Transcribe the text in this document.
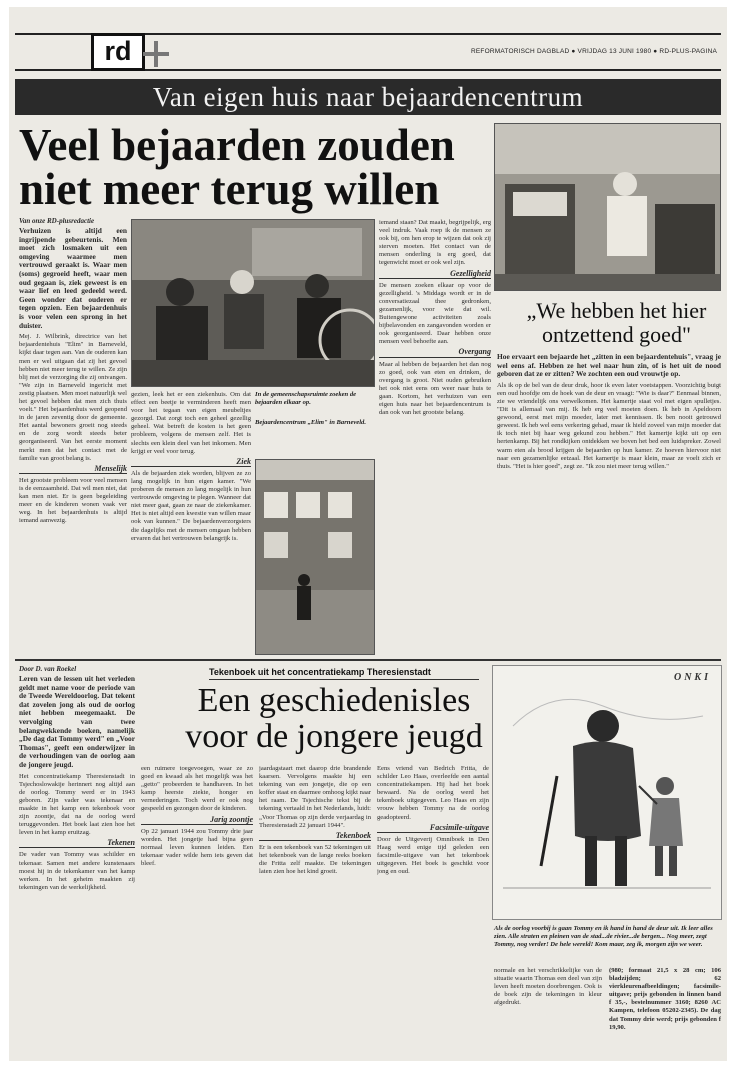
rd	REFORMATORISCH DAGBLAD ● VRIJDAG 13 JUNI 1980 ● RD-PLUS-PAGINA
Van eigen huis naar bejaardencentrum
Veel bejaarden zouden
niet meer terug willen
Van onze RD-plusredactie

Verhuizen is altijd een ingrijpende gebeurtenis. Men moet zich losmaken uit een omgeving waarmee men vertrouwd geraakt is. Waar men (soms) gegroeid heeft, waar men oud gegaan is, ziek geweest is en waar lief en leed gedeeld werd. Geen wonder dat ouderen er tegen opzien. Een bejaardenhuis is voor velen een sprong in het duister.

Mej. J. Wilbrink, directrice van het bejaardentehuis "Elim" in Barneveld, kijkt daar tegen aan. Van de ouderen kan men er wel uitgaan dat zij het gevoel hebben niet meer terug te willen. Ze zijn blij met de verzorging die zij ontvangen. "We zijn in Barneveld ingericht met zestig plaatsen. Men moet natuurlijk wel het gevoel hebben dat men zich thuis voelt." Het bejaardenhuis werd geopend in de jaren zeventig door de gemeente. Het aantal bewoners groeit nog steeds en de zorg wordt steeds beter georganiseerd. Van het eerste moment merkt men dat het contact met de familie van groot belang is.

Menselijk

Het grootste probleem voor veel mensen is de eenzaamheid. Dat wil men niet, dat kan men niet. Er is geen begeleiding meer en de kinderen wonen vaak ver weg. In het bejaardenhuis is altijd iemand aanwezig.

gezien, leek het er een ziekenhuis. Om dat effect een beetje te verminderen heeft men voor het tegaan van eigen meubeltjes gezorgd. Dat zorgt toch een geheel gezellig geheel. Wat betreft de kosten is het geen probleem, volgens de mensen zelf. Het is slechts een klein deel van het inkomen. Men krijgt er veel voor terug.

Ziek

Als de bejaarden ziek worden, blijven ze zo lang mogelijk in hun eigen kamer. "We proberen de mensen zo lang mogelijk in hun vertrouwde omgeving te plegen. Wanneer dat niet meer gaat, gaan ze naar de ziekenkamer. Het is niet altijd een kwestie van willen maar ook van kunnen." De bejaardenverzorgsters die dagelijks met de mensen omgaan hebben ervaren dat het vertrouwen belangrijk is.

In de gemeenschapsruimte zoeken de bejaarden elkaar op.
Bejaardencentrum „Elim" in Barneveld.

iemand staan? Dat maakt, begrijpelijk, erg veel indruk. Vaak roep ik de mensen ze ook bij, om hen erop te wijzen dat ook zij sterven moeten. Het contact van de mensen onderling is erg goed, dat tegenwicht moet er ook wel zijn.

Gezelligheid

De mensen zoeken elkaar op voor de gezelligheid. 's Middags wordt er in de conversatiezaal thee gedronken, gezamenlijk, voor wie dat wil. Buitengewone activiteiten zoals bijbelavonden en zangavonden worden er ook georganiseerd. Daar hebben onze mensen veel behoefte aan.

Overgang

Maar al hebben de bejaarden het dan nog zo goed, ook van eten en drinken, de overgang is groot. Niet ouden gebruiken het ook niet eens om weer naar huis te gaan. Kortom, het verhuizen van een eigen huis naar het bejaardencentrum is dan ook van het grootste belang.

„We hebben het hier ontzettend goed"

Hoe ervaart een bejaarde het „zitten in een bejaardentehuis", vraag je wel eens af. Hebben ze het wel naar hun zin, of is het uit de nood geboren dat ze er zitten? We zochten een oud vrouwtje op.

Als ik op de bel van de deur druk, hoor ik even later voetstappen. Voorzichtig buigt een oud hoofdje om de hoek van de deur en vraagt: "Wie is daar?" Eenmaal binnen, zie we vriendelijk ons verwelkomen. Het kamertje staat vol met eigen spulletjes. "Dit is allemaal van mij. Ik heb erg veel moeten doen. Ik heb in Apeldoorn gewoond, eerst met mijn moeder, later met kennissen. Ik ben nooit getrouwd geweest. Ik heb wel eens verkering gehad, maar ik hield zoveel van mijn moeder dat ik toch niet bij haar weg gekund zou hebben." Het kamertje kijkt uit op een hertenkamp. Bij het rondkijken ontdekken we boven het bed een luidspreker. Zowel warm eten als brood krijgen de bejaarden op hun kamer. Ze hoeven hiervoor niet naar een gezamenlijke eetzaal. Het kamertje is maar klein, maar ze voelt zich er thuis. "Het is hier goed", zegt ze. "Ik zou niet meer terug willen."

Tekenboek uit het concentratiekamp Theresienstadt
Een geschiedenisles
voor de jongere jeugd
Door D. van Roekel

Leren van de lessen uit het verleden geldt met name voor de periode van de Tweede Wereldoorlog. Dat tekent dat zovelen jong als oud de oorlog niet hebben meegemaakt. De vervolging van twee belangwekkende boeken, namelijk „De dag dat Tommy werd" en „Voor Thomas", geeft een onderwijzer in de verhoudingen van de oorlog aan de jongere jeugd.

Het concentratiekamp Theresienstadt in Tsjechoslowakije herinnert nog altijd aan de oorlog. Tommy werd er in 1943 geboren. Zijn vader was tekenaar en maakte in het kamp een tekenboek voor zijn zoontje, dat na de oorlog werd teruggevonden. Het boek laat zien hoe het leven in het kamp eruitzag.

Tekenen

De vader van Tommy was schilder en tekenaar. Samen met andere kunstenaars moest hij in de tekenkamer van het kamp werken. In het geheim maakten zij tekeningen van de werkelijkheid.

een ruimere toegevoegen, waar ze zo goed en kwaad als het mogelijk was het „getto" probeerden te handhaven. In het kamp heerste ziekte, honger en vernederingen. Toch werd er ook nog gespeeld en gezongen door de kinderen.

Jarig zoontje

Op 22 januari 1944 zou Tommy drie jaar worden. Het jongetje had bijna geen normaal leven kunnen leiden. Een tekenaar vader wilde hem iets geven dat bleef.

jaardagstaart met daarop drie brandende kaarsen. Vervolgens maakte hij een tekening van een jongetje, die op een koffer staat en daarmee omhoog kijkt naar het raam. De Tsjechische tekst bij de tekening vertaald in het Nederlands, luidt: „Voor Thomas op zijn derde verjaardag in Theresienstadt 22 januari 1944".

Tekenboek

Er is een tekenboek van 52 tekeningen uit het tekenboek van de lange reeks boeken die Fritta zelf maakte. De tekeningen laten zien hoe het kind groeit.

Eens vriend van Bedrich Fritta, de schilder Leo Haas, overleefde een aantal concentratiekampen. Hij had het boek bewaard. Na de oorlog werd het tekenboek uitgegeven. Leo Haas en zijn vrouw hebben Tommy na de oorlog geadopteerd.

Facsimile-uitgave

Door de Uitgeverij Omniboek in Den Haag werd enige tijd geleden een facsimile-uitgave van het tekenboek uitgegeven. Het boek is geschikt voor jong en oud.

ONKI
Als de oorlog voorbij is gaan Tommy en ik hand in hand de deur uit. Ik leer alles zien. Alle straten en pleinen van de stad...de rivier...de bergen... Nog meer, zegt Tommy, nog verder! De hele wereld! Kom maar, zeg ik, morgen zijn we weer.

normale en het verschrikkelijke van de situatie waarin Thomas een deel van zijn leven heeft moeten doorbrengen. Ook is de boek zijn de tekeningen in kleur afgedrukt.

(980; formaat 21,5 x 28 cm; 106 bladzijden; 62 vierkleurenafbeeldingen; facsimile-uitgave; prijs gebonden in linnen band f 35,-, bestelnummer 3160; 8260 AC Kampen, telefoon 05202-2345). De dag dat Tommy drie werd; prijs gebonden f 19,90.
